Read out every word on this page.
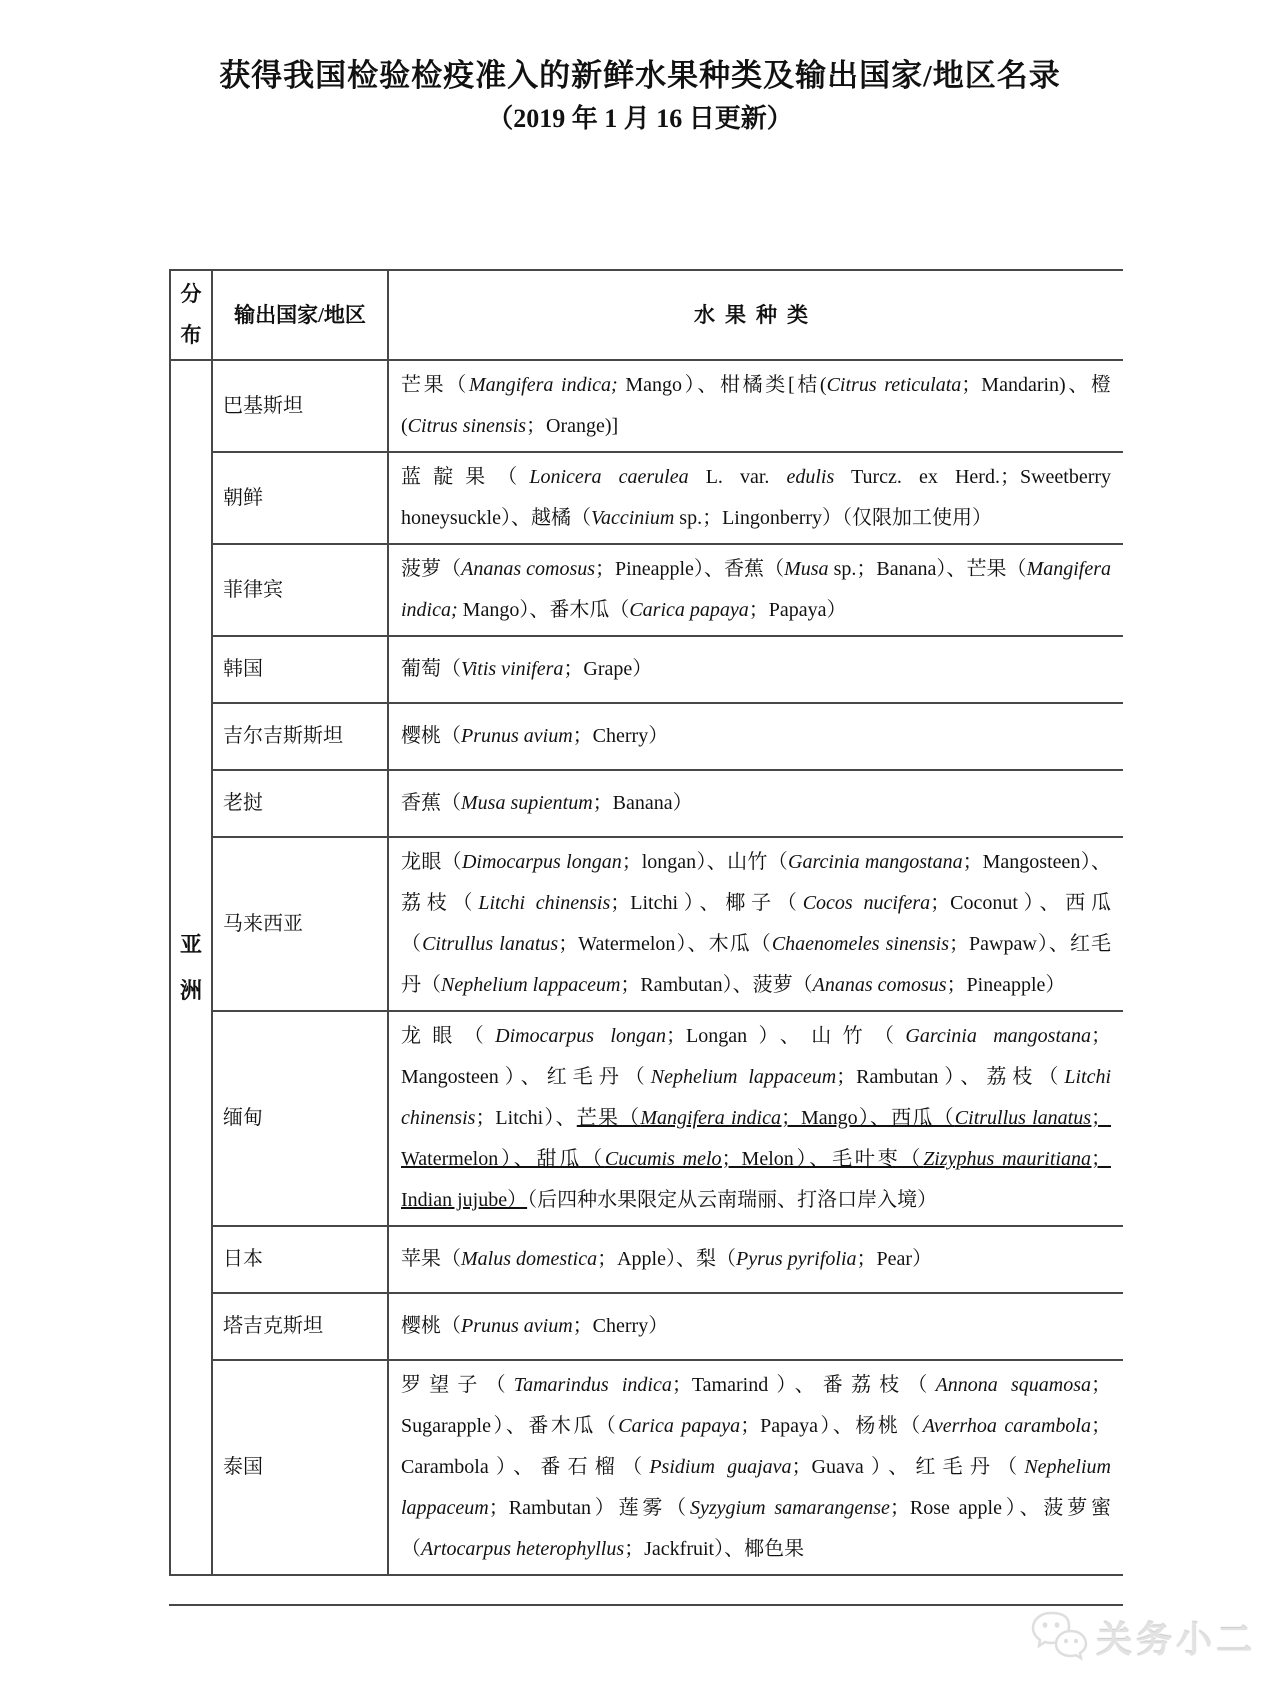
获得我国检验检疫准入的新鲜水果种类及输出国家/地区名录
（2019 年 1 月 16 日更新）
分布	输出国家/地区	水果种类

亚洲	巴基斯坦	芒果（Mangifera indica; Mango）、柑橘类[桔(Citrus reticulata；Mandarin)、橙(Citrus sinensis；Orange)]
	朝鲜	蓝靛果（Lonicera caerulea L. var. edulis Turcz. ex Herd.；Sweetberry honeysuckle）、越橘（Vaccinium sp.；Lingonberry）（仅限加工使用）
	菲律宾	菠萝（Ananas comosus；Pineapple）、香蕉（Musa sp.；Banana）、芒果（Mangifera indica; Mango）、番木瓜（Carica papaya；Papaya）
	韩国	葡萄（Vitis vinifera；Grape）
	吉尔吉斯斯坦	樱桃（Prunus avium；Cherry）
	老挝	香蕉（Musa supientum；Banana）
	马来西亚	龙眼（Dimocarpus longan；longan）、山竹（Garcinia mangostana；Mangosteen）、荔枝（Litchi chinensis；Litchi）、椰子（Cocos nucifera；Coconut）、西瓜（Citrullus lanatus；Watermelon）、木瓜（Chaenomeles sinensis；Pawpaw）、红毛丹（Nephelium lappaceum；Rambutan）、菠萝（Ananas comosus；Pineapple）
	缅甸	龙眼（Dimocarpus longan；Longan）、山竹（Garcinia mangostana；Mangosteen）、红毛丹（Nephelium lappaceum；Rambutan）、荔枝（Litchi chinensis；Litchi）、芒果（Mangifera indica；Mango）、西瓜（Citrullus lanatus；Watermelon）、甜瓜（Cucumis melo；Melon）、毛叶枣（Zizyphus mauritiana；Indian jujube）（后四种水果限定从云南瑞丽、打洛口岸入境）
	日本	苹果（Malus domestica；Apple）、梨（Pyrus pyrifolia；Pear）
	塔吉克斯坦	樱桃（Prunus avium；Cherry）
	泰国	罗望子（Tamarindus indica；Tamarind）、番荔枝（Annona squamosa；Sugarapple）、番木瓜（Carica papaya；Papaya）、杨桃（Averrhoa carambola；Carambola）、番石榴（Psidium guajava；Guava）、红毛丹（Nephelium lappaceum；Rambutan）莲雾（Syzygium samarangense；Rose apple）、菠萝蜜（Artocarpus heterophyllus；Jackfruit）、椰色果
关务小二
